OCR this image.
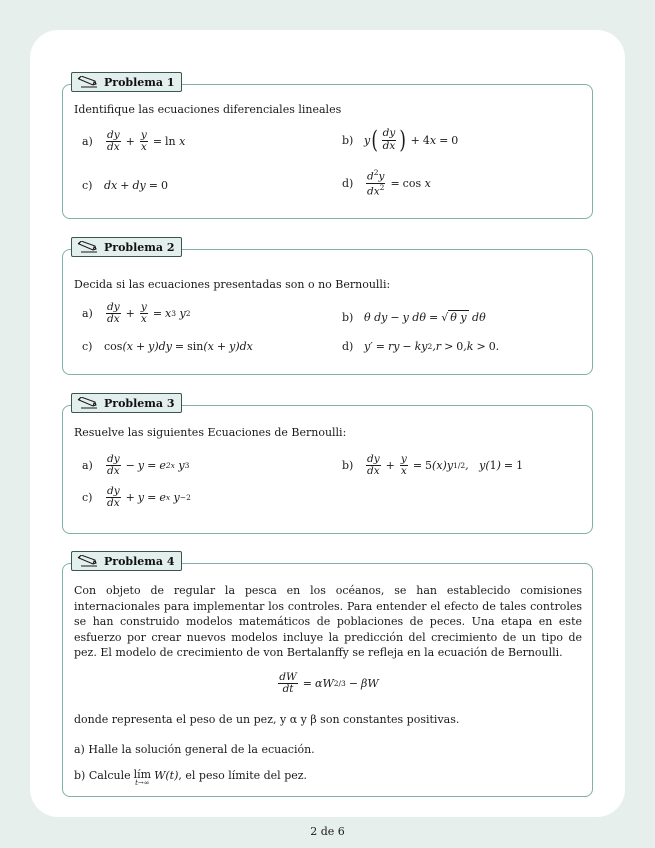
Problema 1
Identifique las ecuaciones diferenciales lineales
a)	$\frac{dy}{dx} + \frac{y}{x} = \ln x$	b) y ( $\frac{dy}{dx}$ ) + 4 x = 0
c)	dx + dy = 0	d)	$\frac{d^2y}{dx^2} = \cos x$
Problema 2
Decida si las ecuaciones presentadas son o no Bernoulli:
a)	$\frac{dy}{dx} + \frac{y}{x} = x$ 3 y 2	b) θ dy − y dθ = √ θ y dθ
c)	cos (x + y)dy = sin (x + y)dx	d) y′ = ry − ky 2 ,r > 0 ,k > 0.
Problema 3
Resuelve las siguientes Ecuaciones de Bernoulli:
a)	$\frac{dy}{dx} - y = e$ 2x y 3	b)	$\frac{dy}{dx} + \frac{y}{x} = 5$ (x)y 1/2 ,   y( 1 ) = 1
c)	$\frac{dy}{dx} + y = e$ x y −2
Problema 4
Con objeto de regular la pesca en los océanos, se han establecido comisiones internacionales para implementar los controles. Para entender el efecto de tales controles se han construido modelos matemáticos de poblaciones de peces. Una etapa en este esfuerzo por crear nuevos modelos incluye la predicción del crecimiento de un tipo de pez. El modelo de crecimiento de von Bertalanffy se refleja en la ecuación de Bernoulli.
$\frac{dW}{dt} = \alpha W$ 2/3 − βW
donde representa el peso de un pez, y α y β son constantes positivas.
a)
Halle la solución general de la ecuación.
b)
Calcule lím
t→∞
W(t) , el peso límite del pez.
2 de 6
